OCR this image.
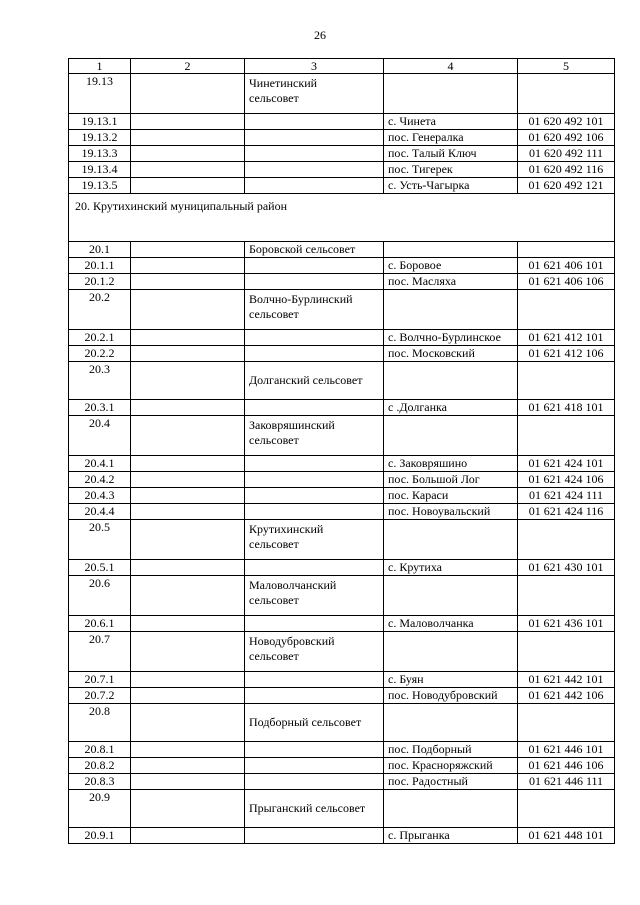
26
1	2	3	4	5
19.13		Чинетинский
сельсовет		
19.13.1			с. Чинета	01 620 492 101
19.13.2			пос. Генералка	01 620 492 106
19.13.3			пос. Талый Ключ	01 620 492 111
19.13.4			пос. Тигерек	01 620 492 116
19.13.5			с. Усть-Чагырка	01 620 492 121
20. Крутихинский муниципальный район				
20.1		Боровской сельсовет		
20.1.1			с. Боровое	01 621 406 101
20.1.2			пос. Масляха	01 621 406 106
20.2		Волчно-Бурлинский
сельсовет		
20.2.1			с. Волчно-Бурлинское	01 621 412 101
20.2.2			пос. Московский	01 621 412 106
20.3		Долганский сельсовет		
20.3.1			с .Долганка	01 621 418 101
20.4		Заковряшинский
сельсовет		
20.4.1			с. Заковряшино	01 621 424 101
20.4.2			пос. Большой Лог	01 621 424 106
20.4.3			пос. Караси	01 621 424 111
20.4.4			пос. Новоувальский	01 621 424 116
20.5		Крутихинский
сельсовет		
20.5.1			с. Крутиха	01 621 430 101
20.6		Маловолчанский
сельсовет		
20.6.1			с. Маловолчанка	01 621 436 101
20.7		Новодубровский
сельсовет		
20.7.1			с. Буян	01 621 442 101
20.7.2			пос. Новодубровский	01 621 442 106
20.8		Подборный сельсовет		
20.8.1			пос. Подборный	01 621 446 101
20.8.2			пос. Красноряжский	01 621 446 106
20.8.3			пос. Радостный	01 621 446 111
20.9		Прыганский сельсовет		
20.9.1			с. Прыганка	01 621 448 101
